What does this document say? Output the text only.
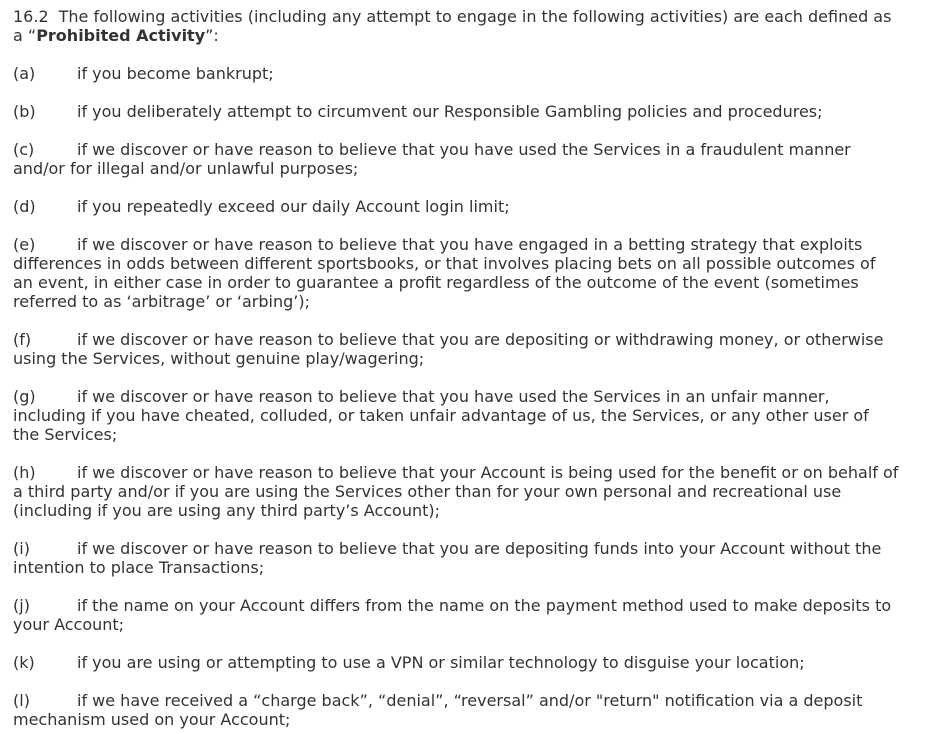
16.2 The following activities (including any attempt to engage in the following activities) are each defined as a “Prohibited Activity”:

(a)	if you become bankrupt;

(b)	if you deliberately attempt to circumvent our Responsible Gambling policies and procedures;

(c)	if we discover or have reason to believe that you have used the Services in a fraudulent manner and/or for illegal and/or unlawful purposes;

(d)	if you repeatedly exceed our daily Account login limit;

(e)	if we discover or have reason to believe that you have engaged in a betting strategy that exploits differences in odds between different sportsbooks, or that involves placing bets on all possible outcomes of an event, in either case in order to guarantee a profit regardless of the outcome of the event (sometimes referred to as ‘arbitrage’ or ‘arbing’);

(f)	if we discover or have reason to believe that you are depositing or withdrawing money, or otherwise using the Services, without genuine play/wagering;

(g)	if we discover or have reason to believe that you have used the Services in an unfair manner, including if you have cheated, colluded, or taken unfair advantage of us, the Services, or any other user of the Services;

(h)	if we discover or have reason to believe that your Account is being used for the benefit or on behalf of a third party and/or if you are using the Services other than for your own personal and recreational use (including if you are using any third party’s Account);

(i)	if we discover or have reason to believe that you are depositing funds into your Account without the intention to place Transactions;

(j)	if the name on your Account differs from the name on the payment method used to make deposits to your Account;

(k)	if you are using or attempting to use a VPN or similar technology to disguise your location;

(l)	if we have received a “charge back”, “denial”, “reversal” and/or "return" notification via a deposit mechanism used on your Account;
